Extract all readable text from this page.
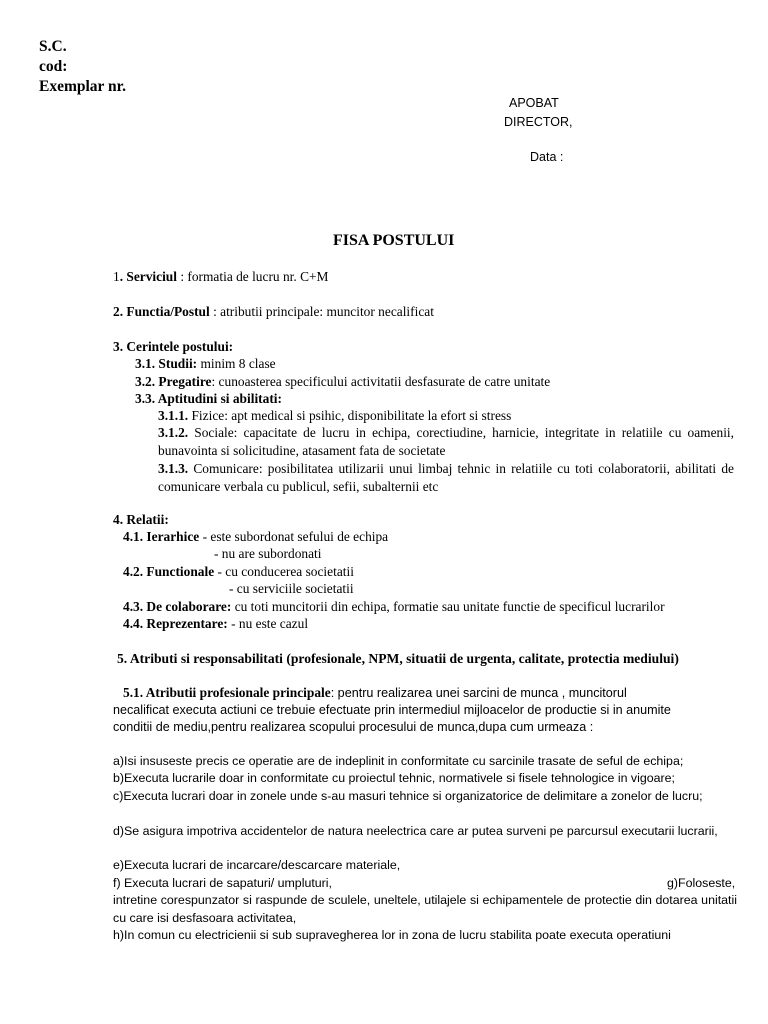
S.C.
cod:
Exemplar nr.
APOBAT
DIRECTOR,
Data :
FISA POSTULUI
1. Serviciul : formatia de lucru nr. C+M
2. Functia/Postul : atributii principale: muncitor necalificat
3. Cerintele postului:
3.1. Studii: minim 8 clase
3.2. Pregatire: cunoasterea specificului activitatii desfasurate de catre unitate
3.3. Aptitudini si abilitati:
3.1.1. Fizice: apt medical si psihic, disponibilitate la efort si stress
3.1.2. Sociale: capacitate de lucru in echipa, corectiudine, harnicie, integritate in relatiile cu oamenii, bunavointa si solicitudine, atasament fata de societate
3.1.3. Comunicare: posibilitatea utilizarii unui limbaj tehnic in relatiile cu toti colaboratorii, abilitati de comunicare verbala cu publicul, sefii, subalternii etc
4. Relatii:
4.1. Ierarhice - este subordonat sefului de echipa
- nu are subordonati
4.2. Functionale - cu conducerea societatii
- cu serviciile societatii
4.3. De colaborare: cu toti muncitorii din echipa, formatie sau unitate functie de specificul lucrarilor
4.4. Reprezentare: - nu este cazul
5. Atributi si responsabilitati (profesionale, NPM, situatii de urgenta, calitate, protectia mediului)
5.1. Atributii profesionale principale: pentru realizarea unei sarcini de munca , muncitorul
necalificat executa actiuni ce trebuie efectuate prin intermediul mijloacelor de productie si in anumite
conditii de mediu,pentru realizarea scopului procesului de munca,dupa cum urmeaza :
a)Isi insuseste precis ce operatie are de indeplinit in conformitate cu sarcinile trasate de seful de echipa;
b)Executa lucrarile doar in conformitate cu proiectul tehnic, normativele si fisele tehnologice in vigoare;
c)Executa lucrari doar in zonele unde s-au masuri tehnice si organizatorice de delimitare a zonelor de lucru;
d)Se asigura impotriva accidentelor de natura neelectrica care ar putea surveni pe parcursul executarii lucrarii,
e)Executa lucrari de incarcare/descarcare materiale,
f) Executa lucrari de sapaturi/ umpluturi,	g)Foloseste,
intretine corespunzator si raspunde de sculele, uneltele, utilajele si echipamentele de protectie din dotarea unitatii cu care isi desfasoara activitatea,
h)In comun cu electricienii si sub supravegherea lor in zona de lucru stabilita poate executa operatiuni
